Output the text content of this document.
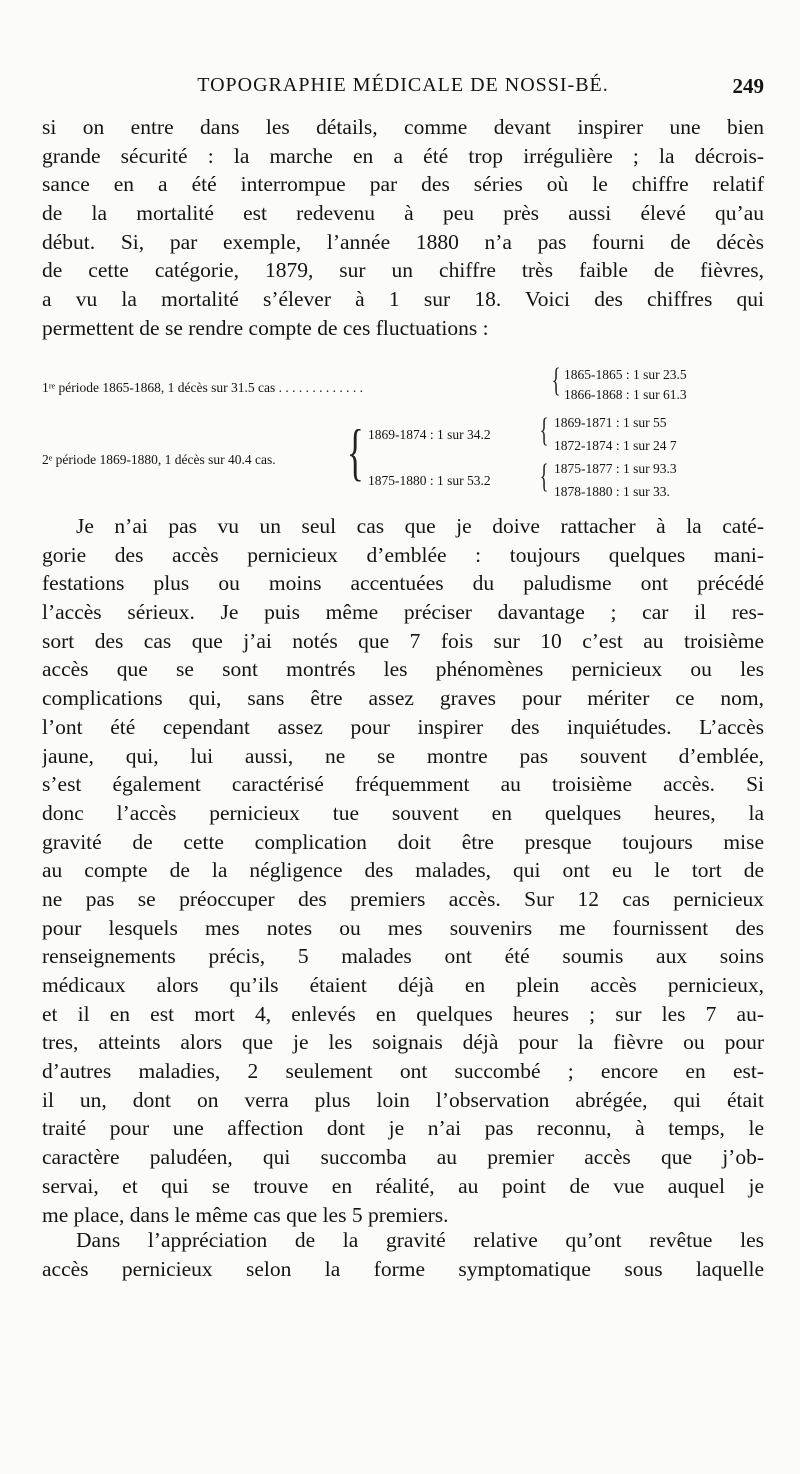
TOPOGRAPHIE MÉDICALE DE NOSSI-BÉ.	249
si on entre dans les détails, comme devant inspirer une bien
grande sécurité : la marche en a été trop irrégulière ; la décrois-
sance en a été interrompue par des séries où le chiffre relatif
de la mortalité est redevenu à peu près aussi élevé qu’au
début. Si, par exemple, l’année 1880 n’a pas fourni de décès
de cette catégorie, 1879, sur un chiffre très faible de fièvres,
a vu la mortalité s’élever à 1 sur 18. Voici des chiffres qui
permettent de se rendre compte de ces fluctuations :
1ʳᵉ période 1865-1868, 1 décès sur 31.5 cas . . . . . . . . . . . . .	{ 1865-1865 : 1 sur 23.5
1866-1868 : 1 sur 61.3
2ᵉ période 1869-1880, 1 décès sur 40.4 cas. { 1869-1874 : 1 sur 34.2
1875-1880 : 1 sur 53.2
{
{
1869-1871 : 1 sur 55
1872-1874 : 1 sur 24 7
1875-1877 : 1 sur 93.3
1878-1880 : 1 sur 33.
Je n’ai pas vu un seul cas que je doive rattacher à la caté-
gorie des accès pernicieux d’emblée : toujours quelques mani-
festations plus ou moins accentuées du paludisme ont précédé
l’accès sérieux. Je puis même préciser davantage ; car il res-
sort des cas que j’ai notés que 7 fois sur 10 c’est au troisième
accès que se sont montrés les phénomènes pernicieux ou les
complications qui, sans être assez graves pour mériter ce nom,
l’ont été cependant assez pour inspirer des inquiétudes. L’accès
jaune, qui, lui aussi, ne se montre pas souvent d’emblée,
s’est également caractérisé fréquemment au troisième accès. Si
donc l’accès pernicieux tue souvent en quelques heures, la
gravité de cette complication doit être presque toujours mise
au compte de la négligence des malades, qui ont eu le tort de
ne pas se préoccuper des premiers accès. Sur 12 cas pernicieux
pour lesquels mes notes ou mes souvenirs me fournissent des
renseignements précis, 5 malades ont été soumis aux soins
médicaux alors qu’ils étaient déjà en plein accès pernicieux,
et il en est mort 4, enlevés en quelques heures ; sur les 7 au-
tres, atteints alors que je les soignais déjà pour la fièvre ou pour
d’autres maladies, 2 seulement ont succombé ; encore en est-
il un, dont on verra plus loin l’observation abrégée, qui était
traité pour une affection dont je n’ai pas reconnu, à temps, le
caractère paludéen, qui succomba au premier accès que j’ob-
servai, et qui se trouve en réalité, au point de vue auquel je
me place, dans le même cas que les 5 premiers.
Dans l’appréciation de la gravité relative qu’ont revêtue les
accès pernicieux selon la forme symptomatique sous laquelle
